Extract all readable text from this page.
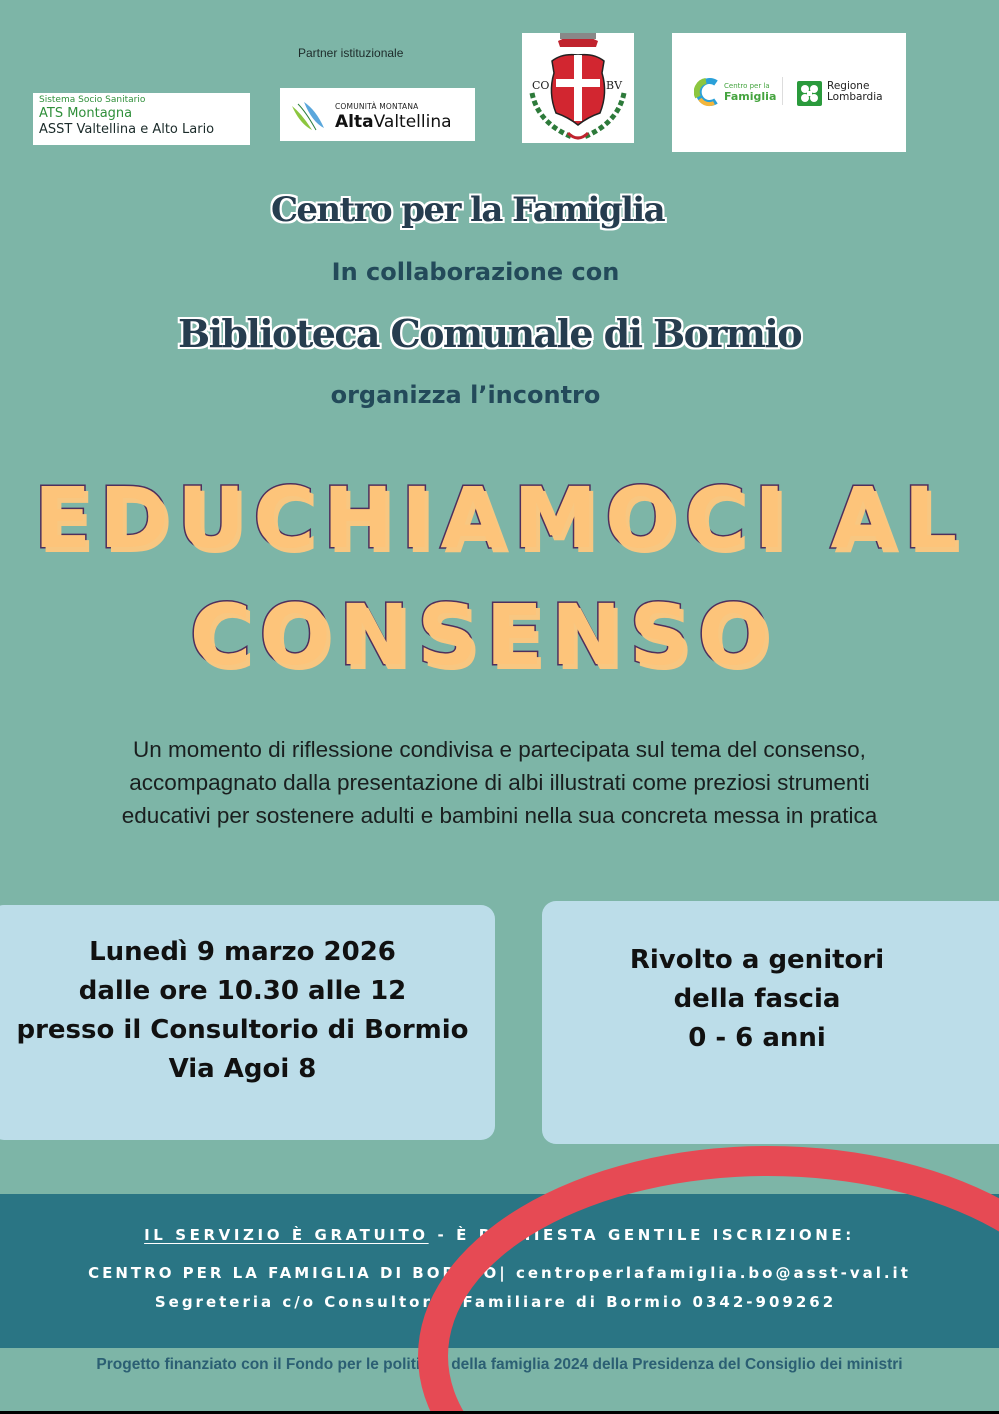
Partner istituzionale
Sistema Socio Sanitario
ATS Montagna
ASST Valtellina e Alto Lario
COMUNITÀ MONTANA
AltaValtellina
CO	BV	Centro per la
Famiglia
Regione
Lombardia
Centro per la Famiglia
In collaborazione con
Biblioteca Comunale di Bormio
organizza l’incontro
EDUCHIAMOCI AL
CONSENSO
Un momento di riflessione condivisa e partecipata sul tema del consenso,
accompagnato dalla presentazione di albi illustrati come preziosi strumenti
educativi per sostenere adulti e bambini nella sua concreta messa in pratica
Lunedì 9 marzo 2026
dalle ore 10.30 alle 12
presso il Consultorio di Bormio
Via Agoi 8
Rivolto a genitori
della fascia
0 - 6 anni
IL SERVIZIO È GRATUITO - È RICHIESTA GENTILE ISCRIZIONE:
CENTRO PER LA FAMIGLIA DI BORMIO| centroperlafamiglia.bo@asst-val.it
Segreteria c/o Consultorio Familiare di Bormio 0342-909262
Progetto finanziato con il Fondo per le politiche della famiglia 2024 della Presidenza del Consiglio dei ministri
